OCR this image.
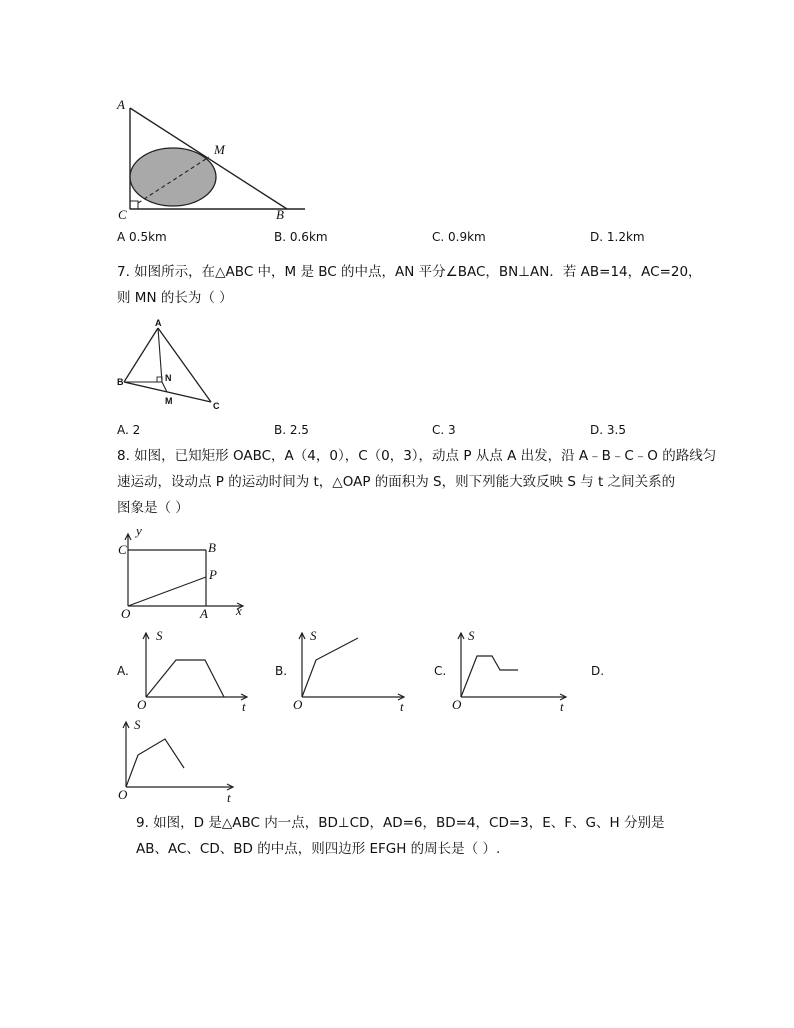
A
M
C	B
A 0.5km	B. 0.6km	C. 0.9km	D. 1.2km
7. 如图所示，在△ABC 中，M 是 BC 的中点，AN 平分∠BAC，BN⊥AN．若 AB=14，AC=20，
则 MN 的长为（ ）
A
B	N
M	C
A. 2	B. 2.5	C. 3	D. 3.5
8. 如图，已知矩形 OABC，A（4，0），C（0，3），动点 P 从点 A 出发，沿 A﹣B﹣C﹣O 的路线匀
速运动，设动点 P 的运动时间为 t，△OAP 的面积为 S，则下列能大致反映 S 与 t 之间关系的
图象是（ ）
y
C	B
P
O	A x
S
O	t
A.
S
O	t
B.
S
O	t
C.	D.
S
O	t
9. 如图，D 是△ABC 内一点，BD⊥CD，AD=6，BD=4，CD=3，E、F、G、H 分别是
AB、AC、CD、BD 的中点，则四边形 EFGH 的周长是（ ）.
